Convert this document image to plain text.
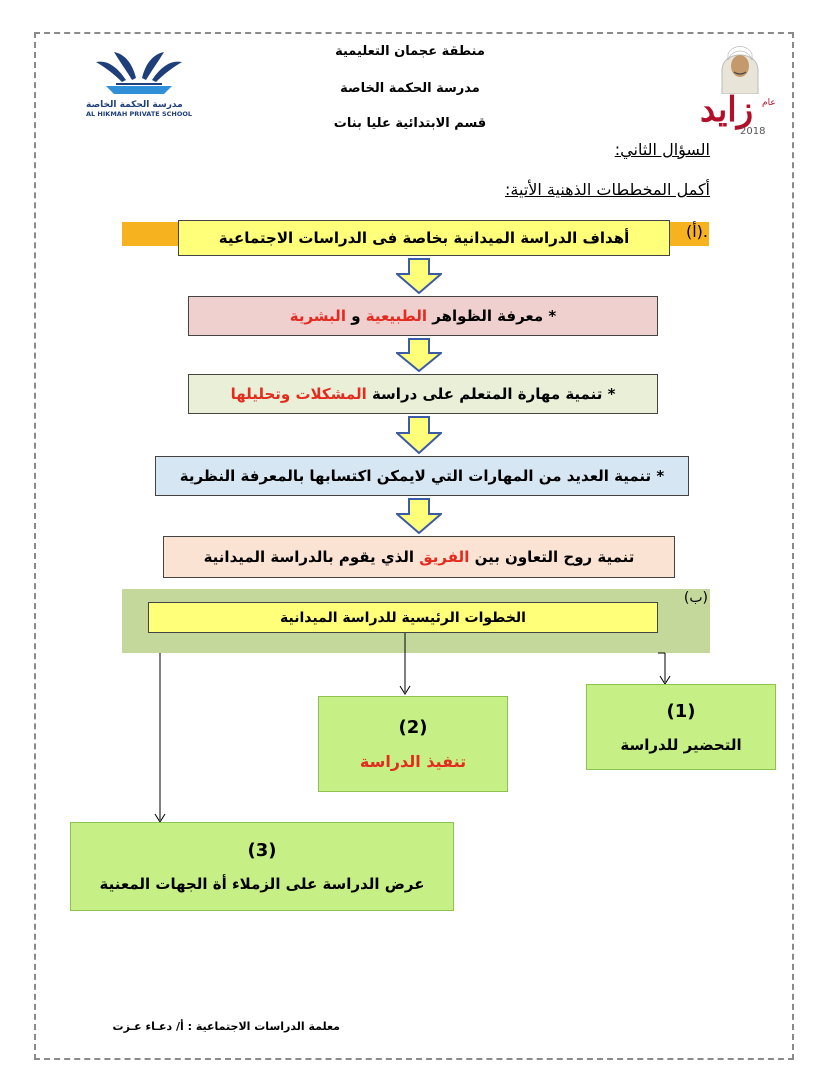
منطقة عجمان التعليمية
مدرسة الحكمة الخاصة
قسم الابتدائية عليا بنات
مدرسة الحكمة الخاصة
AL HIKMAH PRIVATE SCHOOL	زايد عام
2018
السؤال الثاني:
أكمل المخططات الذهنية الأتية:
.(أ)
أهداف الدراسة الميدانية بخاصة فى الدراسات الاجتماعية
* معرفة الظواهر الطبيعية و البشرية
* تنمية مهارة المتعلم على دراسة المشكلات وتحليلها
* تنمية العديد من المهارات التي لايمكن اكتسابها بالمعرفة النظرية
تنمية روح التعاون بين الفريق الذي يقوم بالدراسة الميدانية
(ب)
الخطوات الرئيسية للدراسة الميدانية
(1)
التحضير للدراسة
(2)
تنفيذ الدراسة
(3)
عرض الدراسة على الزملاء أة الجهات المعنية
معلمة الدراسات الاجتماعية : أ/ دعـاء عـزت
